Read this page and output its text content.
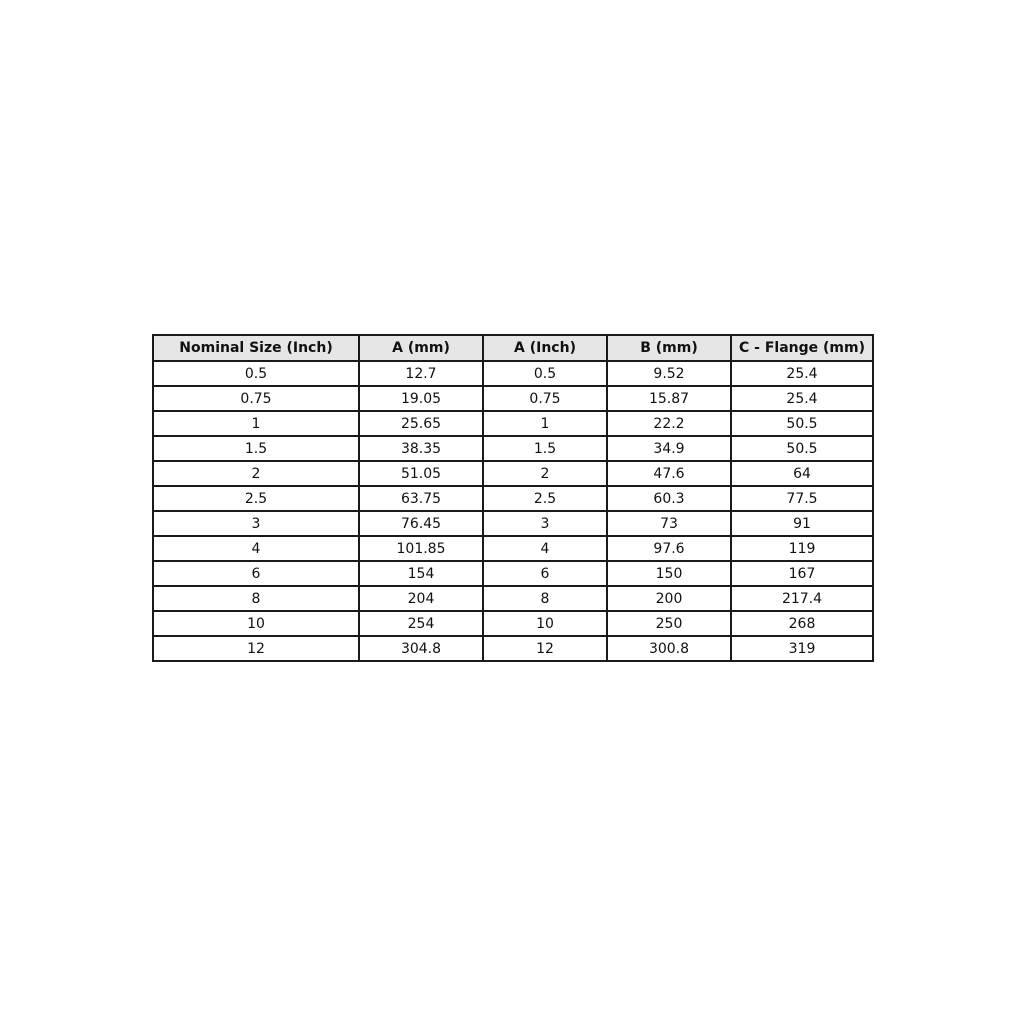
Nominal Size (Inch)	A (mm)	A (Inch)	B (mm)	C - Flange (mm)
0.5	12.7	0.5	9.52	25.4
0.75	19.05	0.75	15.87	25.4
1	25.65	1	22.2	50.5
1.5	38.35	1.5	34.9	50.5
2	51.05	2	47.6	64
2.5	63.75	2.5	60.3	77.5
3	76.45	3	73	91
4	101.85	4	97.6	119
6	154	6	150	167
8	204	8	200	217.4
10	254	10	250	268
12	304.8	12	300.8	319
